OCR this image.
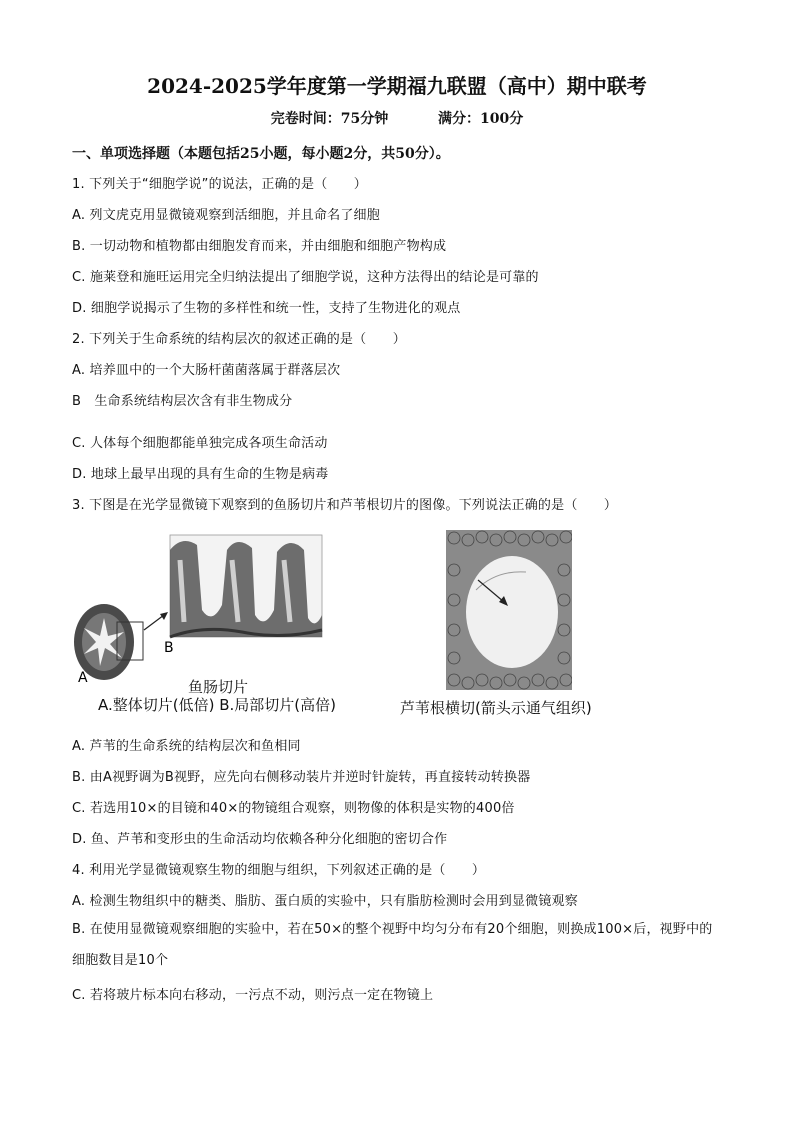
2024-2025学年度第一学期福九联盟（高中）期中联考
完卷时间：75分钟	满分：100分
一、单项选择题（本题包括25小题，每小题2分，共50分）。
1. 下列关于“细胞学说”的说法，正确的是（　　）
A. 列文虎克用显微镜观察到活细胞，并且命名了细胞
B. 一切动物和植物都由细胞发育而来，并由细胞和细胞产物构成
C. 施莱登和施旺运用完全归纳法提出了细胞学说，这种方法得出的结论是可靠的
D. 细胞学说揭示了生物的多样性和统一性，支持了生物进化的观点
2. 下列关于生命系统的结构层次的叙述正确的是（　　）
A. 培养皿中的一个大肠杆菌菌落属于群落层次
B　生命系统结构层次含有非生物成分
C. 人体每个细胞都能单独完成各项生命活动
D. 地球上最早出现的具有生命的生物是病毒
3. 下图是在光学显微镜下观察到的鱼肠切片和芦苇根切片的图像。下列说法正确的是（　　）
B
A	鱼肠切片
A.整体切片(低倍) B.局部切片(高倍)	芦苇根横切(箭头示通气组织)
A. 芦苇的生命系统的结构层次和鱼相同
B. 由A视野调为B视野，应先向右侧移动装片并逆时针旋转，再直接转动转换器
C. 若选用10×的目镜和40×的物镜组合观察，则物像的体积是实物的400倍
D. 鱼、芦苇和变形虫的生命活动均依赖各种分化细胞的密切合作
4. 利用光学显微镜观察生物的细胞与组织，下列叙述正确的是（　　）
A. 检测生物组织中的糖类、脂肪、蛋白质的实验中，只有脂肪检测时会用到显微镜观察
B. 在使用显微镜观察细胞的实验中，若在50×的整个视野中均匀分布有20个细胞，则换成100×后，视野中的细胞数目是10个
C. 若将玻片标本向右移动，一污点不动，则污点一定在物镜上
